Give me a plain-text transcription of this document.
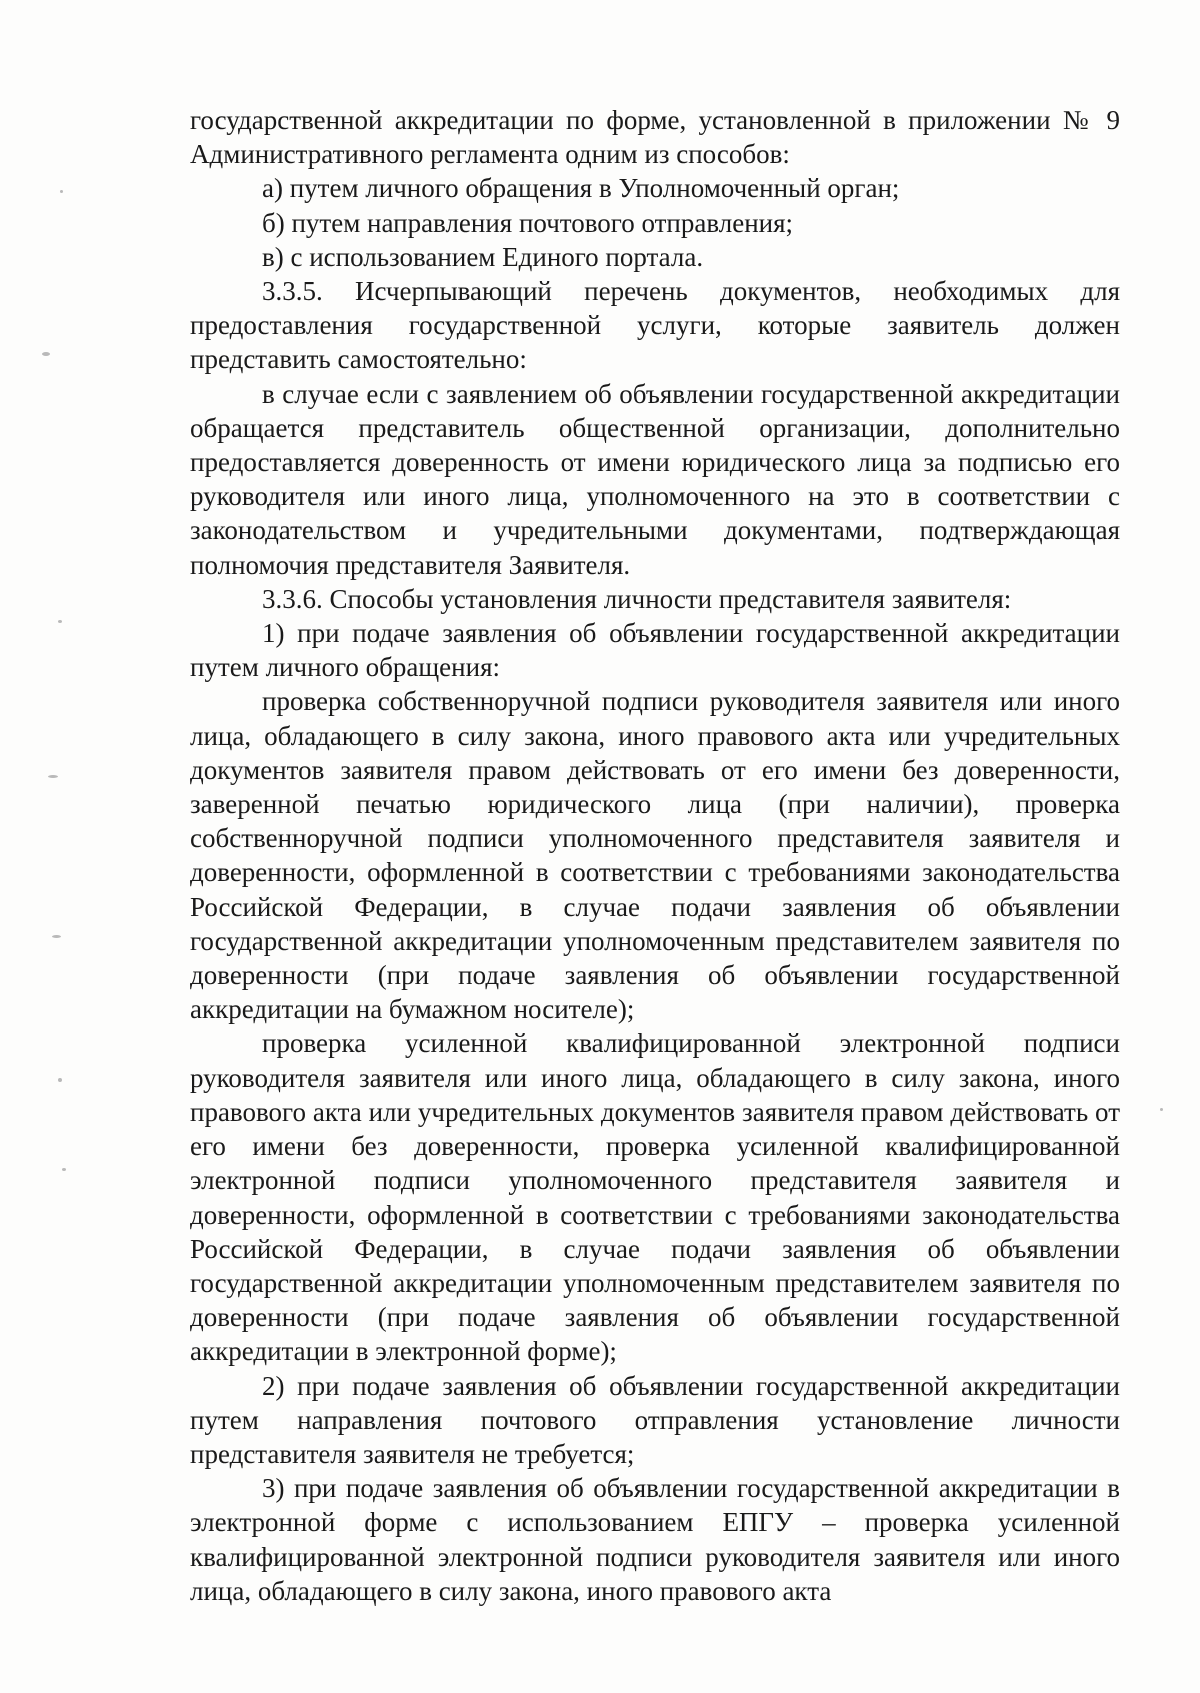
государственной аккредитации по форме, установленной в приложении № 9 Административного регламента одним из способов:

а) путем личного обращения в Уполномоченный орган;

б) путем направления почтового отправления;

в) с использованием Единого портала.

3.3.5. Исчерпывающий перечень документов, необходимых для предоставления государственной услуги, которые заявитель должен представить самостоятельно:

в случае если с заявлением об объявлении государственной аккредитации обращается представитель общественной организации, дополнительно предоставляется доверенность от имени юридического лица за подписью его руководителя или иного лица, уполномоченного на это в соответствии с законодательством и учредительными документами, подтверждающая полномочия представителя Заявителя.

3.3.6. Способы установления личности представителя заявителя:

1) при подаче заявления об объявлении государственной аккредитации путем личного обращения:

проверка собственноручной подписи руководителя заявителя или иного лица, обладающего в силу закона, иного правового акта или учредительных документов заявителя правом действовать от его имени без доверенности, заверенной печатью юридического лица (при наличии), проверка собственноручной подписи уполномоченного представителя заявителя и доверенности, оформленной в соответствии с требованиями законодательства Российской Федерации, в случае подачи заявления об объявлении государственной аккредитации уполномоченным представителем заявителя по доверенности (при подаче заявления об объявлении государственной аккредитации на бумажном носителе);

проверка усиленной квалифицированной электронной подписи руководителя заявителя или иного лица, обладающего в силу закона, иного правового акта или учредительных документов заявителя правом действовать от его имени без доверенности, проверка усиленной квалифицированной электронной подписи уполномоченного представителя заявителя и доверенности, оформленной в соответствии с требованиями законодательства Российской Федерации, в случае подачи заявления об объявлении государственной аккредитации уполномоченным представителем заявителя по доверенности (при подаче заявления об объявлении государственной аккредитации в электронной форме);

2) при подаче заявления об объявлении государственной аккредитации путем направления почтового отправления установление личности представителя заявителя не требуется;

3) при подаче заявления об объявлении государственной аккредитации в электронной форме с использованием ЕПГУ – проверка усиленной квалифицированной электронной подписи руководителя заявителя или иного лица, обладающего в силу закона, иного правового акта
